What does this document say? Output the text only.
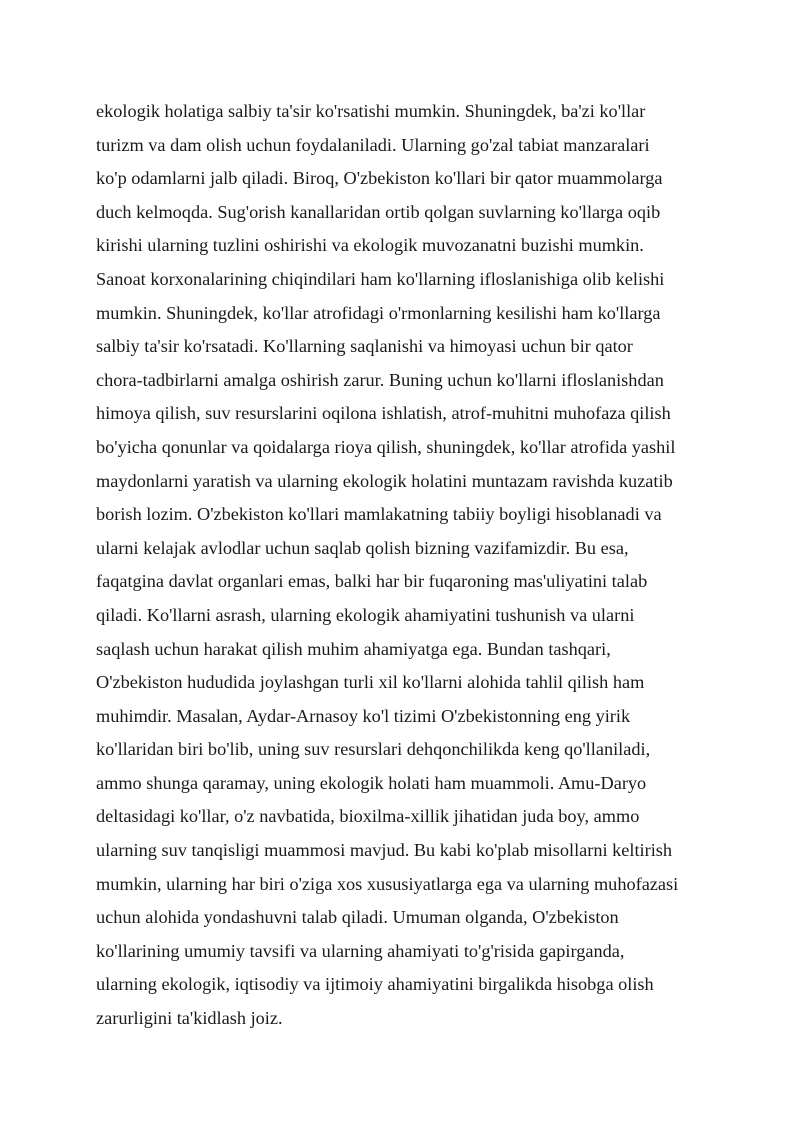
ekologik holatiga salbiy ta'sir ko'rsatishi mumkin. Shuningdek, ba'zi ko'llar
turizm va dam olish uchun foydalaniladi. Ularning go'zal tabiat manzaralari
ko'p odamlarni jalb qiladi. Biroq, O'zbekiston ko'llari bir qator muammolarga
duch kelmoqda. Sug'orish kanallaridan ortib qolgan suvlarning ko'llarga oqib
kirishi ularning tuzlini oshirishi va ekologik muvozanatni buzishi mumkin.
Sanoat korxonalarining chiqindilari ham ko'llarning ifloslanishiga olib kelishi
mumkin. Shuningdek, ko'llar atrofidagi o'rmonlarning kesilishi ham ko'llarga
salbiy ta'sir ko'rsatadi. Ko'llarning saqlanishi va himoyasi uchun bir qator
chora-tadbirlarni amalga oshirish zarur. Buning uchun ko'llarni ifloslanishdan
himoya qilish, suv resurslarini oqilona ishlatish, atrof-muhitni muhofaza qilish
bo'yicha qonunlar va qoidalarga rioya qilish, shuningdek, ko'llar atrofida yashil
maydonlarni yaratish va ularning ekologik holatini muntazam ravishda kuzatib
borish lozim. O'zbekiston ko'llari mamlakatning tabiiy boyligi hisoblanadi va
ularni kelajak avlodlar uchun saqlab qolish bizning vazifamizdir. Bu esa,
faqatgina davlat organlari emas, balki har bir fuqaroning mas'uliyatini talab
qiladi. Ko'llarni asrash, ularning ekologik ahamiyatini tushunish va ularni
saqlash uchun harakat qilish muhim ahamiyatga ega. Bundan tashqari,
O'zbekiston hududida joylashgan turli xil ko'llarni alohida tahlil qilish ham
muhimdir. Masalan, Aydar-Arnasoy ko'l tizimi O'zbekistonning eng yirik
ko'llaridan biri bo'lib, uning suv resurslari dehqonchilikda keng qo'llaniladi,
ammo shunga qaramay, uning ekologik holati ham muammoli. Amu-Daryo
deltasidagi ko'llar, o'z navbatida, bioxilma-xillik jihatidan juda boy, ammo
ularning suv tanqisligi muammosi mavjud. Bu kabi ko'plab misollarni keltirish
mumkin, ularning har biri o'ziga xos xususiyatlarga ega va ularning muhofazasi
uchun alohida yondashuvni talab qiladi. Umuman olganda, O'zbekiston
ko'llarining umumiy tavsifi va ularning ahamiyati to'g'risida gapirganda,
ularning ekologik, iqtisodiy va ijtimoiy ahamiyatini birgalikda hisobga olish
zarurligini ta'kidlash joiz.
